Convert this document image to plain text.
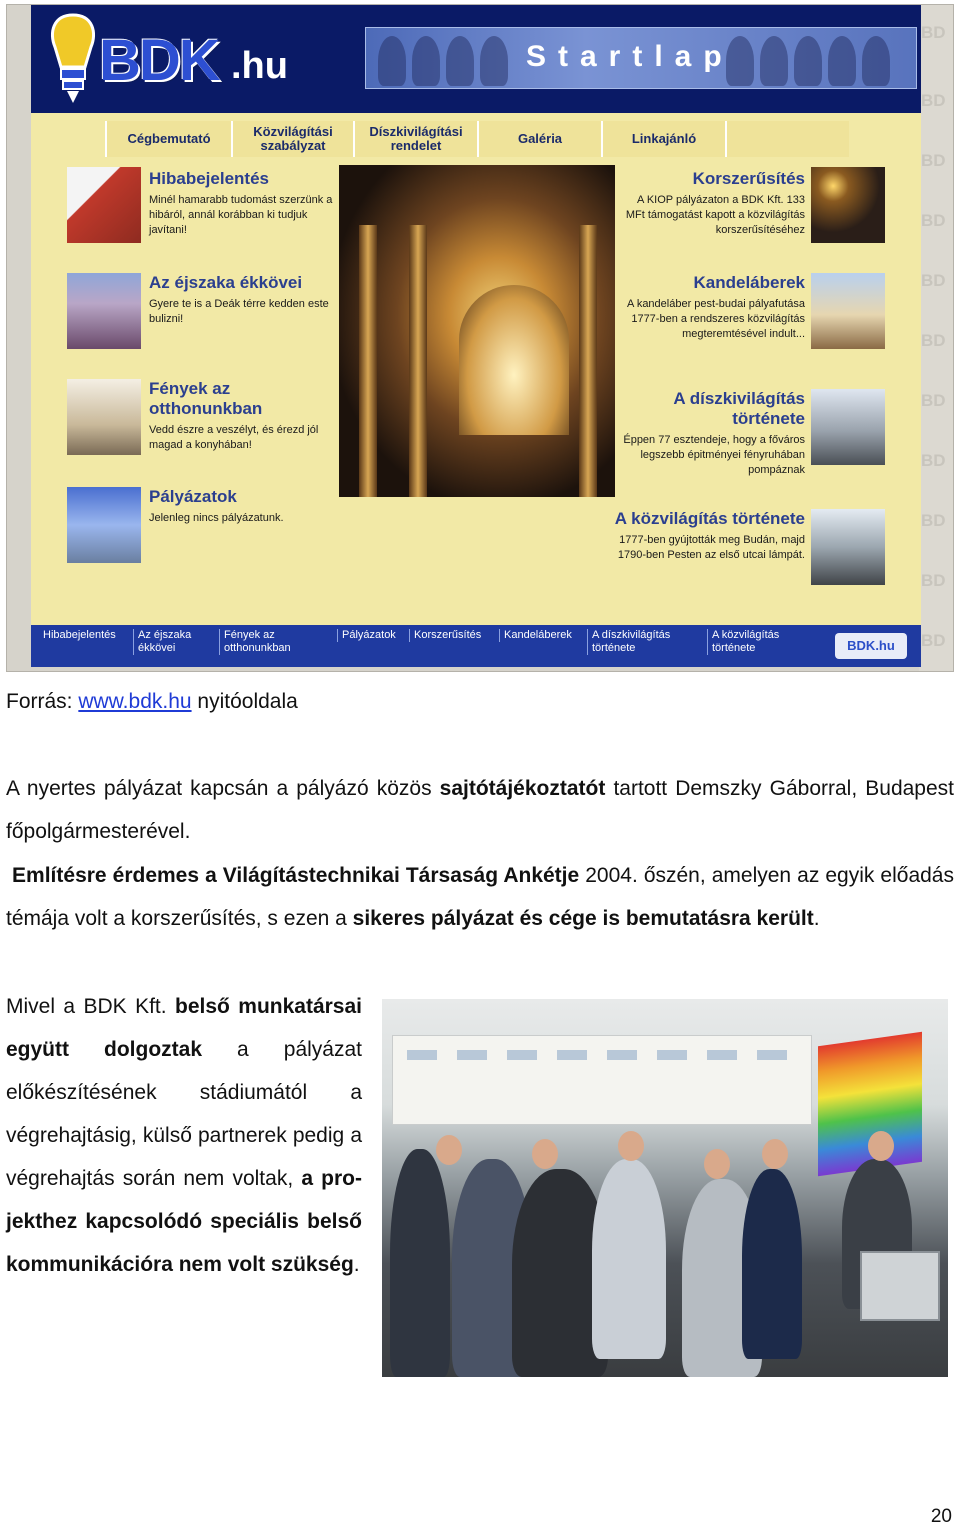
BD
BD
BD
BD
BD
BD
BD
BD
BD
BD
BD
BDK .hu	Startlap
Cégbemutató	Közvilágítási szabályzat
Díszkivilágítási rendelet	Galéria	Linkajánló
Hibabejelentés
Minél hamarabb tudomást szerzünk a hibáról, annál korábban ki tudjuk javítani!
Az éjszaka ékkövei
Gyere te is a Deák térre kedden este bulizni!
Fények az otthonunkban
Vedd észre a veszélyt, és érezd jól magad a konyhában!
Pályázatok
Jelenleg nincs pályázatunk.
Korszerűsítés
A KIOP pályázaton a BDK Kft. 133 MFt támogatást kapott a közvilágítás korszerűsítéséhez
Kandeláberek
A kandeláber pest-budai pályafutása 1777-ben a rendszeres közvilágítás megteremtésével indult...
A díszkivilágítás története
Éppen 77 esztendeje, hogy a főváros legszebb épitményei fényruhában pompáznak
A közvilágítás története
1777-ben gyújtották meg Budán, majd 1790-ben Pesten az első utcai lámpát.
Hibabejelentés	Az éjszaka ékkövei
Fények az otthonunkban
Pályázatok	Korszerűsítés	Kandeláberek	A díszkivilágítás története
A közvilágítás története	BDK.hu
Forrás: www.bdk.hu nyitóoldala
A nyertes pályázat kapcsán a pályázó közös sajtótájékoztatót tartott Demszky Gáborral, Budapest főpolgármesterével.
Említésre érdemes a Világítástechnikai Társaság Ankétje 2004. őszén, amelyen az egyik előadás témája volt a korszerűsítés, s ezen a sikeres pályázat és cége is bemutatásra került.
Mivel a BDK Kft. belső munkatársai együtt dolgoztak a pályázat előkészítésének stádiumától a végrehajtásig, külső partnerek pedig a végrehajtás során nem voltak, a projekthez kapcsolódó speciális belső kommunikációra nem volt szükség.
20
